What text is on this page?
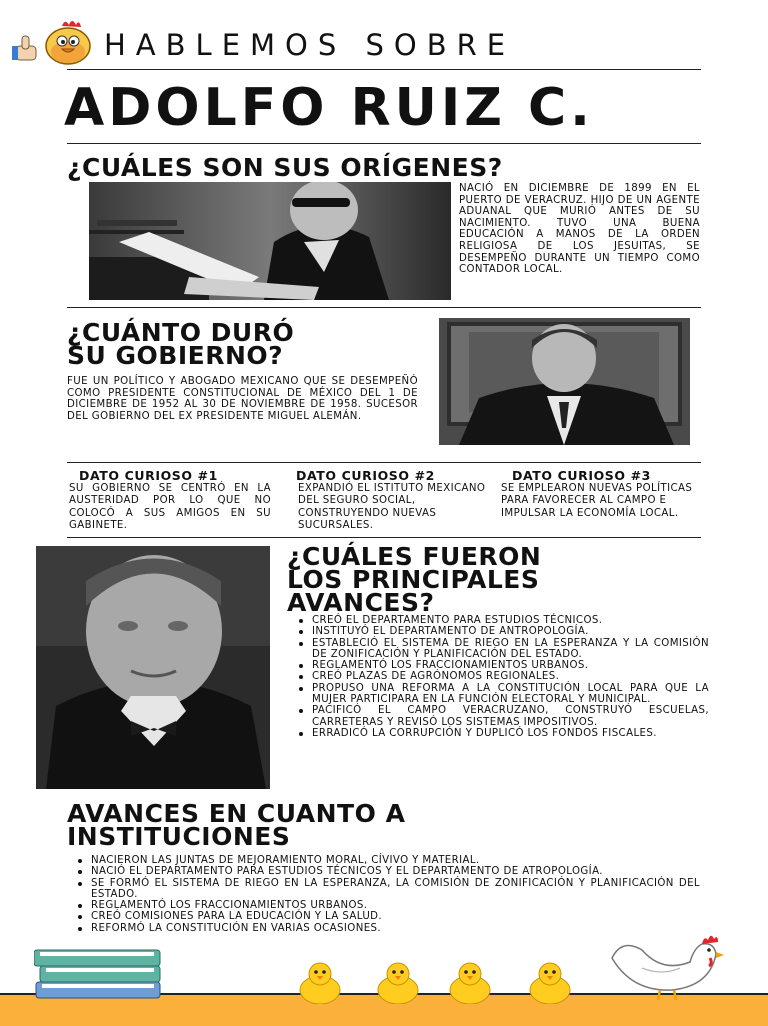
HABLEMOS SOBRE
ADOLFO RUIZ C.
¿CUÁLES SON SUS ORÍGENES?
NACIÓ EN DICIEMBRE DE 1899 EN EL PUERTO DE VERACRUZ. HIJO DE UN AGENTE ADUANAL QUE MURIÓ ANTES DE SU NACIMIENTO. TUVO UNA BUENA EDUCACIÓN A MANOS DE LA ORDEN RELIGIOSA DE LOS JESUITAS, SE DESEMPEÑO DURANTE UN TIEMPO COMO CONTADOR LOCAL.
¿CUÁNTO DURÓ
SU GOBIERNO?
FUE UN POLÍTICO Y ABOGADO MEXICANO QUE SE DESEMPEÑÓ COMO PRESIDENTE CONSTITUCIONAL DE MÉXICO DEL 1 DE DICIEMBRE DE 1952 AL 30 DE NOVIEMBRE DE 1958. SUCESOR DEL GOBIERNO DEL EX PRESIDENTE MIGUEL ALEMÁN.
DATO CURIOSO #1
SU GOBIERNO SE CENTRÓ EN LA AUSTERIDAD POR LO QUE NO COLOCÓ A SUS AMIGOS EN SU GABINETE.
DATO CURIOSO #2
EXPANDIÓ EL ISTITUTO MEXICANO DEL SEGURO SOCIAL, CONSTRUYENDO NUEVAS SUCURSALES.
DATO CURIOSO #3
SE EMPLEARON NUEVAS POLÍTICAS PARA FAVORECER AL CAMPO E IMPULSAR LA ECONOMÍA LOCAL.
¿CUÁLES FUERON
LOS PRINCIPALES
AVANCES?
CREÓ EL DEPARTAMENTO PARA ESTUDIOS TÉCNICOS.
INSTITUYÓ EL DEPARTAMENTO DE ANTROPOLOGÍA.
ESTABLECIÓ EL SISTEMA DE RIEGO EN LA ESPERANZA Y LA COMISIÓN DE ZONIFICACIÓN Y PLANIFICACIÓN DEL ESTADO.
REGLAMENTÓ LOS FRACCIONAMIENTOS URBANOS.
CREÓ PLAZAS DE AGRÓNOMOS REGIONALES.
PROPUSO UNA REFORMA A LA CONSTITUCIÓN LOCAL PARA QUE LA MUJER PARTICIPARA EN LA FUNCIÓN ELECTORAL Y MUNICIPAL.
PACIFICÓ EL CAMPO VERACRUZANO, CONSTRUYÓ ESCUELAS, CARRETERAS Y REVISÓ LOS SISTEMAS IMPOSITIVOS.
ERRADICÓ LA CORRUPCIÓN Y DUPLICÓ LOS FONDOS FISCALES.
AVANCES EN CUANTO A
INSTITUCIONES
NACIERON LAS JUNTAS DE MEJORAMIENTO MORAL, CÍVIVO Y MATERIAL.
NACIÓ EL DEPARTAMENTO PARA ESTUDIOS TÉCNICOS Y EL DEPARTAMENTO DE ATROPOLOGÍA.
SE FORMÓ EL SISTEMA DE RIEGO EN LA ESPERANZA, LA COMISIÓN DE ZONIFICACIÓN Y PLANIFICACIÓN DEL ESTADO.
REGLAMENTÓ LOS FRACCIONAMIENTOS URBANOS.
CREÓ COMISIONES PARA LA EDUCACIÓN Y LA SALUD.
REFORMÓ LA CONSTITUCIÓN EN VARIAS OCASIONES.
